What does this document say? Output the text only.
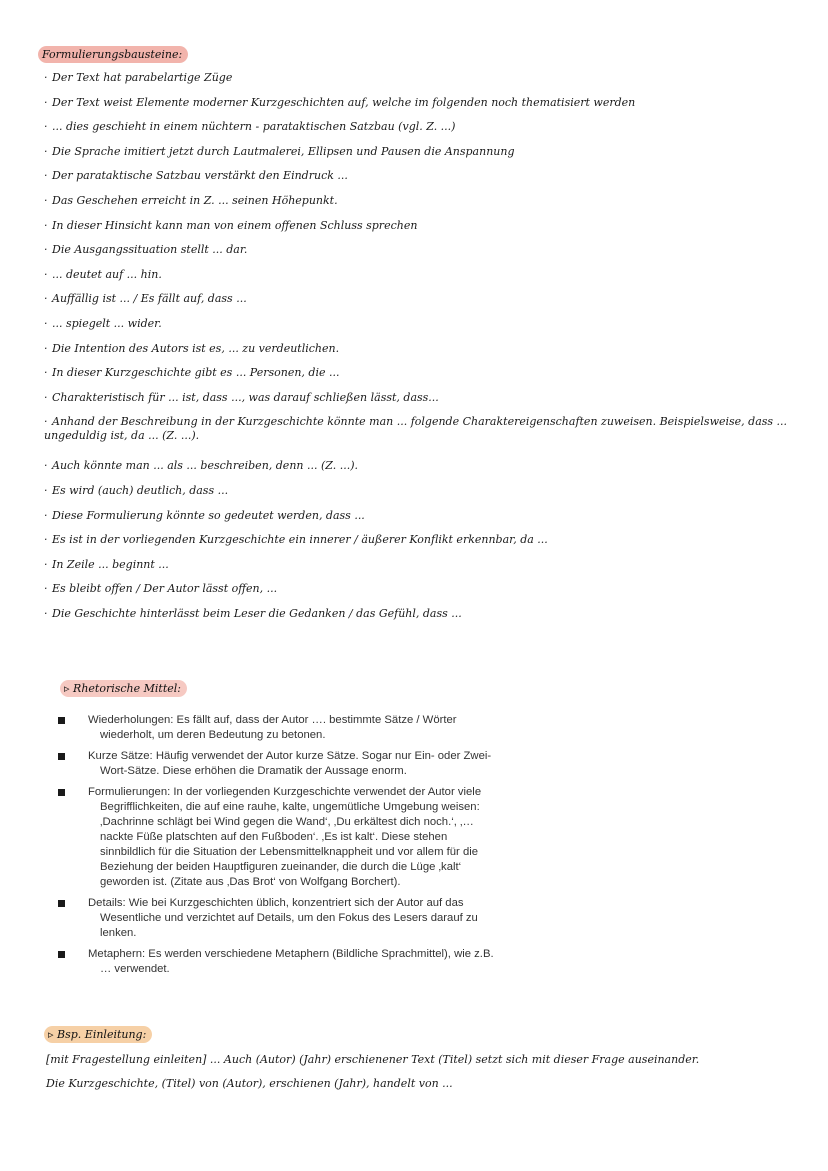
Formulierungsbausteine:
· Der Text hat parabelartige Züge
· Der Text weist Elemente moderner Kurzgeschichten auf, welche im folgenden noch thematisiert werden
· ... dies geschieht in einem nüchtern - parataktischen Satzbau (vgl. Z. ...)
· Die Sprache imitiert jetzt durch Lautmalerei, Ellipsen und Pausen die Anspannung
· Der parataktische Satzbau verstärkt den Eindruck ...
· Das Geschehen erreicht in Z. ... seinen Höhepunkt.
· In dieser Hinsicht kann man von einem offenen Schluss sprechen
· Die Ausgangssituation stellt ... dar.
· ... deutet auf ... hin.
· Auffällig ist ... / Es fällt auf, dass ...
· ... spiegelt ... wider.
· Die Intention des Autors ist es, ... zu verdeutlichen.
· In dieser Kurzgeschichte gibt es ... Personen, die ...
· Charakteristisch für ... ist, dass ..., was darauf schließen lässt, dass...
· Anhand der Beschreibung in der Kurzgeschichte könnte man ... folgende Charaktereigenschaften zuweisen. Beispielsweise, dass ... ungeduldig ist, da ... (Z. ...).
· Auch könnte man ... als ... beschreiben, denn ... (Z. ...).
· Es wird (auch) deutlich, dass ...
· Diese Formulierung könnte so gedeutet werden, dass ...
· Es ist in der vorliegenden Kurzgeschichte ein innerer / äußerer Konflikt erkennbar, da ...
· In Zeile ... beginnt ...
· Es bleibt offen / Der Autor lässt offen, ...
· Die Geschichte hinterlässt beim Leser die Gedanken / das Gefühl, dass ...
▹ Rhetorische Mittel:
Wiederholungen: Es fällt auf, dass der Autor …. bestimmte Sätze / Wörter wiederholt, um deren Bedeutung zu betonen.
Kurze Sätze: Häufig verwendet der Autor kurze Sätze. Sogar nur Ein- oder Zwei-Wort-Sätze. Diese erhöhen die Dramatik der Aussage enorm.
Formulierungen: In der vorliegenden Kurzgeschichte verwendet der Autor viele Begrifflichkeiten, die auf eine rauhe, kalte, ungemütliche Umgebung weisen: ‚Dachrinne schlägt bei Wind gegen die Wand‘, ‚Du erkältest dich noch.‘, ‚…nackte Füße platschten auf den Fußboden‘. ‚Es ist kalt‘. Diese stehen sinnbildlich für die Situation der Lebensmittelknappheit und vor allem für die Beziehung der beiden Hauptfiguren zueinander, die durch die Lüge ‚kalt‘ geworden ist. (Zitate aus ‚Das Brot‘ von Wolfgang Borchert).
Details: Wie bei Kurzgeschichten üblich, konzentriert sich der Autor auf das Wesentliche und verzichtet auf Details, um den Fokus des Lesers darauf zu lenken.
Metaphern: Es werden verschiedene Metaphern (Bildliche Sprachmittel), wie z.B. … verwendet.
▹ Bsp. Einleitung:
[mit Fragestellung einleiten] ... Auch (Autor) (Jahr) erschienener Text (Titel) setzt sich mit dieser Frage auseinander.
Die Kurzgeschichte, (Titel) von (Autor), erschienen (Jahr), handelt von ...
